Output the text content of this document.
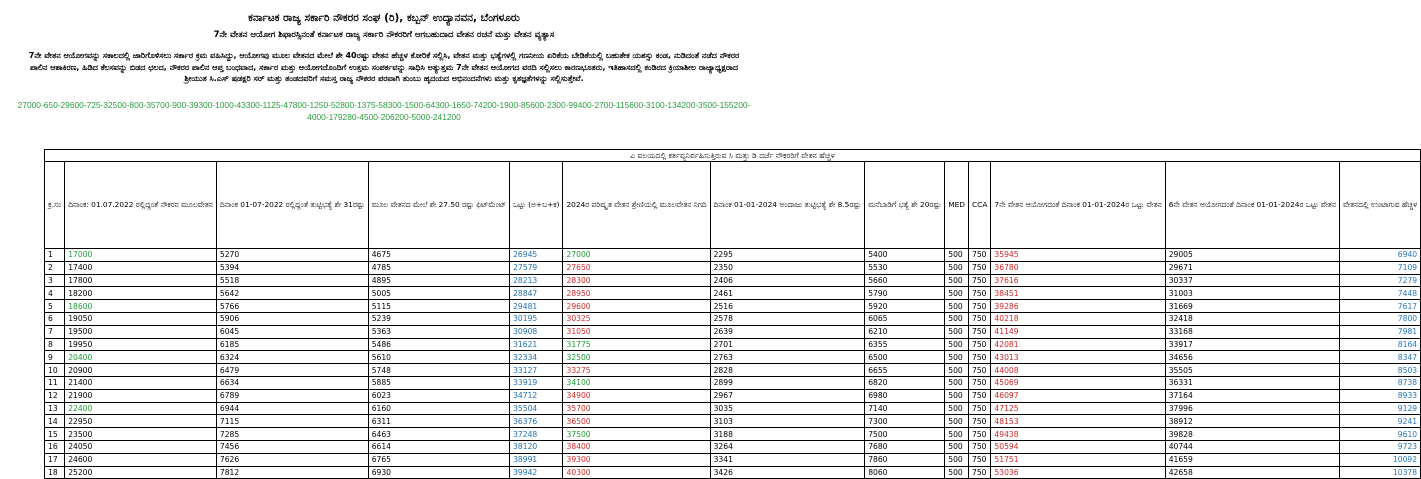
ಕರ್ನಾಟಕ ರಾಜ್ಯ ಸರ್ಕಾರಿ ನೌಕರರ ಸಂಘ (ರಿ), ಕಬ್ಬನ್ ಉದ್ಯಾನವನ, ಬೆಂಗಳೂರು
7ನೇ ವೇತನ ಆಯೋಗ ಶಿಫಾರಸ್ಸಿನಂತೆ ಕರ್ನಾಟಕ ರಾಜ್ಯ ಸರ್ಕಾರಿ ನೌಕರರಿಗೆ ಆಗಬಹುದಾದ ವೇತನ ರಚನೆ ಮತ್ತು ವೇತನ ವ್ಯತ್ಯಾಸ
7ನೇ ವೇತನ ಆಯೋಗವನ್ನು ಸಕಾಲದಲ್ಲಿ ಜಾರಿಗೊಳಿಸಲು ಸರ್ಕಾರ ಕ್ರಮ ವಹಿಸಿದ್ದು, ಆಯೋಗವು ಮೂಲ ವೇತನದ ಮೇಲೆ ಶೇ 40ರಷ್ಟು ವೇತನ ಹೆಚ್ಚಳ ಕೋರಿಕೆ ಸಲ್ಲಿಸಿ, ವೇತನ ಮತ್ತು ಭತ್ಯೆಗಳಲ್ಲಿ ಗಣನೀಯ ಏರಿಕೆಯ ಬೇಡಿಕೆಯಲ್ಲಿ ಬಹುತೇಕ ಯಶಸ್ಸು ಕಂಡ, ನುಡಿದಂತೆ ನಡೆದ ನೌಕರರ ಪಾಲಿನ ಆಶಾಕಿರಣ, ಹಿಡಿದ ಕೆಲಸವನ್ನು ಬಿಡದ ಛಲದ, ನೌಕರರ ಪಾಲಿನ ಆಪ್ತ ಬಂಧವಾದ, ಸರ್ಕಾರ ಮತ್ತು ಆಯೋಗದೊಂದಿಗೆ ಉತ್ತಮ ಸಂಪರ್ಕವನ್ನು ಸಾಧಿಸಿ ಅತ್ಯುತ್ತಮ 7ನೇ ವೇತನ ಆಯೋಗದ ವರದಿ ಸಲ್ಲಿಸಲು ಕಾರಣಭೂತರು, ಇತಿಹಾಸದಲ್ಲಿ ಕಂಡಿರದ ಕ್ರಿಯಾಶೀಲ ರಾಜ್ಯಾಧ್ಯಕ್ಷರಾದ ಶ್ರೀಯುತ ಸಿ.ಎಸ್ ಷಡಕ್ಷರಿ ಸರ್ ಮತ್ತು ತಂಡದವರಿಗೆ ಸಮಸ್ತ ರಾಜ್ಯ ನೌಕರರ ಪರವಾಗಿ ತುಂಬು ಹೃದಯದ ಅಭಿನಂದನೆಗಳು ಮತ್ತು ಕೃತಜ್ಞತೆಗಳನ್ನು ಸಲ್ಲಿಸುತ್ತೇವೆ.
27000-650-29600-725-32500-800-35700-900-39300-1000-43300-1125-47800-1250-52800-1375-58300-1500-64300-1650-74200-1900-85600-2300-99400-2700-115600-3100-134200-3500-155200-4000-179280-4500-206200-5000-241200
ಎ ವಲಯದಲ್ಲಿ ಕರ್ತವ್ಯನಿರ್ವಹಿಸುತ್ತಿರುವ ಸಿ ಮತ್ತು ಡಿ ದರ್ಜೆ ನೌಕರರಿಗೆ ವೇತನ ಹೆಚ್ಚಳ												
ಕ್ರ.ಸಂ	ದಿನಾಂಕ: 01.07.2022 ರಲ್ಲಿದ್ದಂತೆ ನೌಕರನ ಮೂಲವೇತನ	ದಿನಾಂಕ 01-07-2022 ರಲ್ಲಿದ್ದಂತೆ ತುಟ್ಟಿಭತ್ಯೆ ಶೇ 31ರಷ್ಟು	ಮೂಲ ವೇತನದ ಮೇಲೆ ಶೇ 27.50 ರಷ್ಟು ಫಿಟ್‌ಮೆಂಟ್	ಒಟ್ಟು (ಅ+ಬ+ಕ)	2024ರ ಪರಿಷ್ಕೃತ ವೇತನ ಶ್ರೇಣಿಯಲ್ಲಿ ಮೂಲವೇತನ ನಿಗದಿ	ದಿನಾಂಕ 01-01-2024 ಅಂದಾಜು ತುಟ್ಟಿಭತ್ಯೆ ಶೇ 8.5ರಷ್ಟು	ಮನೆಬಾಡಿಗೆ ಭತ್ಯೆ ಶೇ 20ರಷ್ಟು	MED	CCA	7ನೇ ವೇತನ ಆಯೋಗದಂತೆ ದಿನಾಂಕ 01-01-2024ರ ಒಟ್ಟು ವೇತನ	6ನೇ ವೇತನ ಆಯೋಗದಂತೆ ದಿನಾಂಕ 01-01-2024ರ ಒಟ್ಟು ವೇತನ	ವೇತನದಲ್ಲಿ ಉಂಟಾಗುವ ಹೆಚ್ಚಳ
1	17000	5270	4675	26945	27000	2295	5400	500	750	35945	29005	6940
2	17400	5394	4785	27579	27650	2350	5530	500	750	36780	29671	7109
3	17800	5518	4895	28213	28300	2406	5660	500	750	37616	30337	7279
4	18200	5642	5005	28847	28950	2461	5790	500	750	38451	31003	7448
5	18600	5766	5115	29481	29600	2516	5920	500	750	39286	31669	7617
6	19050	5906	5239	30195	30325	2578	6065	500	750	40218	32418	7800
7	19500	6045	5363	30908	31050	2639	6210	500	750	41149	33168	7981
8	19950	6185	5486	31621	31775	2701	6355	500	750	42081	33917	8164
9	20400	6324	5610	32334	32500	2763	6500	500	750	43013	34656	8347
10	20900	6479	5748	33127	33275	2828	6655	500	750	44008	35505	8503
11	21400	6634	5885	33919	34100	2899	6820	500	750	45069	36331	8738
12	21900	6789	6023	34712	34900	2967	6980	500	750	46097	37164	8933
13	22400	6944	6160	35504	35700	3035	7140	500	750	47125	37996	9129
14	22950	7115	6311	36376	36500	3103	7300	500	750	48153	38912	9241
15	23500	7285	6463	37248	37500	3188	7500	500	750	49438	39828	9610
16	24050	7456	6614	38120	38400	3264	7680	500	750	50594	40744	9723
17	24600	7626	6765	38991	39300	3341	7860	500	750	51751	41659	10092
18	25200	7812	6930	39942	40300	3426	8060	500	750	53036	42658	10378
